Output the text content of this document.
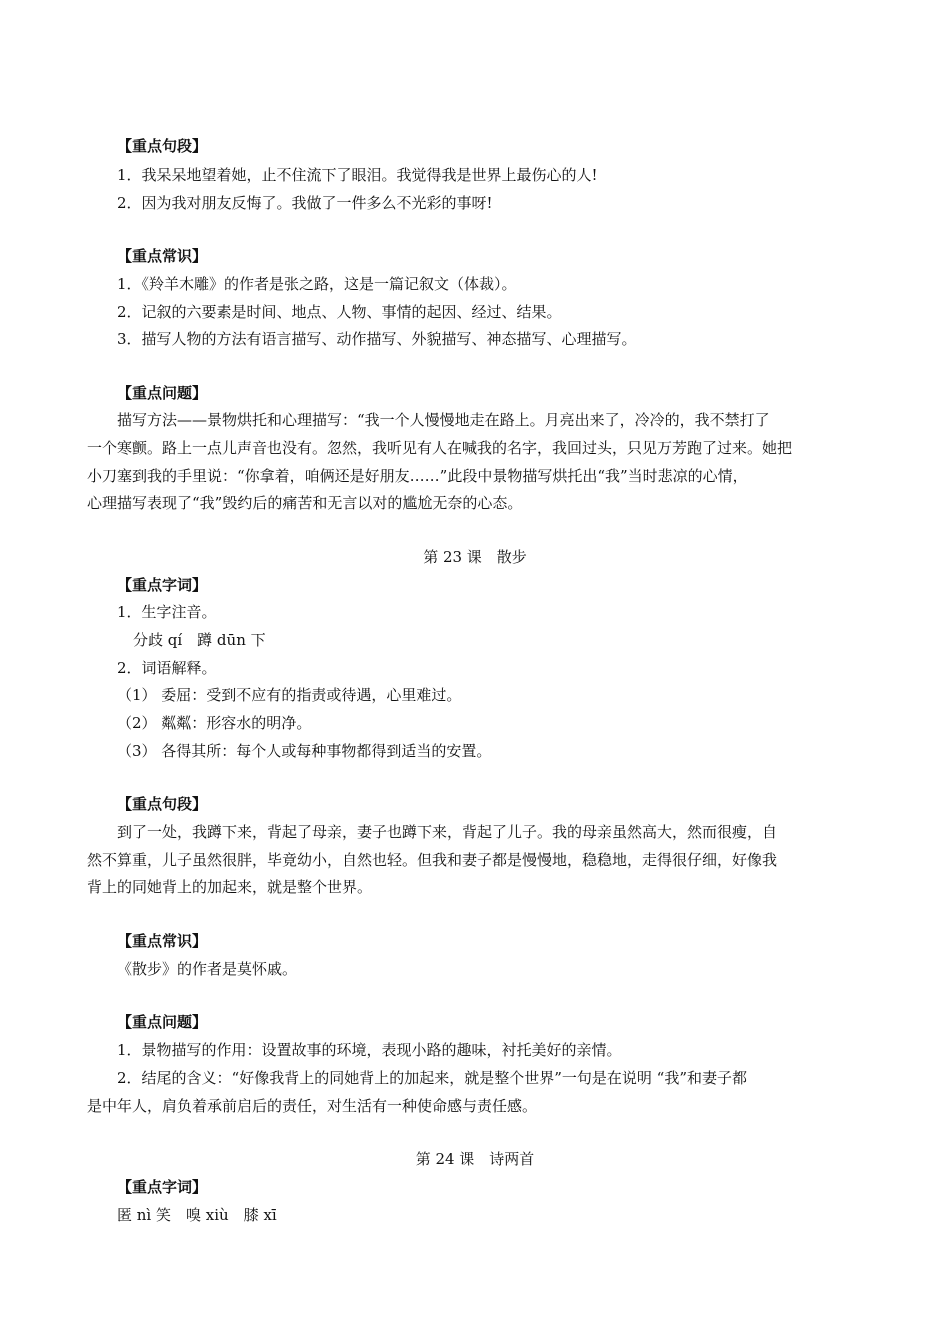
【重点句段】
1．我呆呆地望着她，止不住流下了眼泪。我觉得我是世界上最伤心的人!
2．因为我对朋友反悔了。我做了一件多么不光彩的事呀!
【重点常识】
1．《羚羊木雕》的作者是张之路，这是一篇记叙文（体裁）。
2．记叙的六要素是时间、地点、人物、事情的起因、经过、结果。
3．描写人物的方法有语言描写、动作描写、外貌描写、神态描写、心理描写。
【重点问题】
描写方法——景物烘托和心理描写：“我一个人慢慢地走在路上。月亮出来了，冷冷的，我不禁打了
一个寒颤。路上一点儿声音也没有。忽然，我听见有人在喊我的名字，我回过头，只见万芳跑了过来。她把
小刀塞到我的手里说：“你拿着，咱俩还是好朋友……”此段中景物描写烘托出“我”当时悲凉的心情，
心理描写表现了“我”毁约后的痛苦和无言以对的尴尬无奈的心态。
第 23 课　散步
【重点字词】
1．生字注音。
分歧 qí　蹲 dūn 下
2．词语解释。
（1） 委屈：受到不应有的指责或待遇，心里难过。
（2） 粼粼：形容水的明净。
（3） 各得其所：每个人或每种事物都得到适当的安置。
【重点句段】
到了一处，我蹲下来，背起了母亲，妻子也蹲下来，背起了儿子。我的母亲虽然高大，然而很瘦，自
然不算重，儿子虽然很胖，毕竟幼小，自然也轻。但我和妻子都是慢慢地，稳稳地，走得很仔细，好像我
背上的同她背上的加起来，就是整个世界。
【重点常识】
《散步》的作者是莫怀戚。
【重点问题】
1．景物描写的作用：设置故事的环境，表现小路的趣味，衬托美好的亲情。
2．结尾的含义：“好像我背上的同她背上的加起来，就是整个世界”一句是在说明 “我”和妻子都
是中年人，肩负着承前启后的责任，对生活有一种使命感与责任感。
第 24 课　诗两首
【重点字词】
匿 nì 笑　嗅 xiù　膝 xī
